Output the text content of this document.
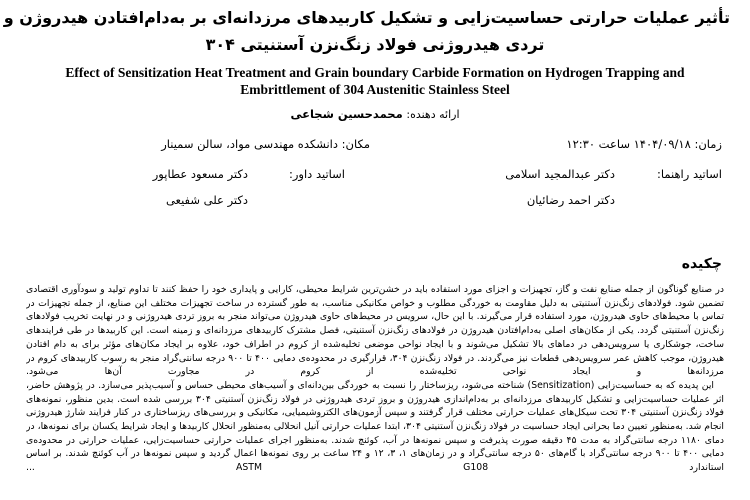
تأثیر عملیات حرارتی حساسیت‌زایی و تشکیل کاربیدهای مرزدانه‌ای بر به‌دام‌افتادن هیدروژن و
تردی هیدروژنی فولاد زنگ‌نزن آستنیتی ۳۰۴
Effect of Sensitization Heat Treatment and Grain boundary Carbide Formation on Hydrogen Trapping and
Embrittlement of 304 Austenitic Stainless Steel
ارائه دهنده: محمدحسین شجاعی
زمان: ۱۴۰۴/۰۹/۱۸ ساعت ۱۲:۳۰
مکان: دانشکده مهندسی مواد، سالن سمینار
اساتید راهنما:
دکتر عبدالمجید اسلامی
دکتر احمد رضائیان
اساتید داور:
دکتر مسعود عطاپور
دکتر علی شفیعی
چکیده

در صنایع گوناگون از جمله صنایع نفت و گاز، تجهیزات و اجزای مورد استفاده باید در خشن‌ترین شرایط محیطی، کارایی و پایداری خود را حفظ کنند تا تداوم تولید و سودآوری اقتصادی تضمین شود. فولادهای زنگ‌نزن آستنیتی به دلیل مقاومت به خوردگی مطلوب و خواص مکانیکی مناسب، به طور گسترده در ساخت تجهیزات مختلف این صنایع، از جمله تجهیزات در تماس با محیط‌های حاوی هیدروژن، مورد استفاده قرار می‌گیرند. با این حال، سرویس در محیط‌های حاوی هیدروژن می‌تواند منجر به بروز تردی هیدروژنی و در نهایت تخریب فولادهای زنگ‌نزن آستنیتی گردد. یکی از مکان‌های اصلی به‌دام‌افتادن هیدروژن در فولادهای زنگ‌نزن آستنیتی، فصل مشترک کاربیدهای مرزدانه‌ای و زمینه است. این کاربیدها در طی فرایندهای ساخت، جوشکاری یا سرویس‌دهی در دماهای بالا تشکیل می‌شوند و با ایجاد نواحی موضعی تخلیه‌شده از کروم در اطراف خود، علاوه بر ایجاد مکان‌های مؤثر برای به دام افتادن هیدروژن، موجب کاهش عمر سرویس‌دهی قطعات نیز می‌گردند. در فولاد زنگ‌نزن ۳۰۴، قرارگیری در محدوده‌ی دمایی ۴۰۰ تا ۹۰۰ درجه سانتی‌گراد منجر به رسوب کاربیدهای کروم در مرزدانه‌ها و ایجاد نواحی تخلیه‌شده از کروم در مجاورت آن‌ها می‌شود.

این پدیده که به حساسیت‌زایی (Sensitization) شناخته می‌شود، ریزساختار را نسبت به خوردگی بین‌دانه‌ای و آسیب‌های محیطی حساس و آسیب‌پذیر می‌سازد. در پژوهش حاضر، اثر عملیات حساسیت‌زایی و تشکیل کاربیدهای مرزدانه‌ای بر به‌دام‌اندازی هیدروژن و بروز تردی هیدروژنی در فولاد زنگ‌نزن آستنیتی ۳۰۴ بررسی شده است. بدین منظور، نمونه‌های فولاد زنگ‌نزن آستنیتی ۳۰۴ تحت سیکل‌های عملیات حرارتی مختلف قرار گرفتند و سپس آزمون‌های الکتروشیمیایی، مکانیکی و بررسی‌های ریزساختاری در کنار فرایند شارژ هیدروژنی انجام شد. به‌منظور تعیین دما بحرانی ایجاد حساسیت در فولاد زنگ‌نزن آستنیتی ۳۰۴، ابتدا عملیات حرارتی آنیل انحلالی به‌منظور انحلال کاربیدها و ایجاد شرایط یکسان برای نمونه‌ها، در دمای ۱۱۸۰ درجه سانتی‌گراد به مدت ۴۵ دقیقه صورت پذیرفت و سپس نمونه‌ها در آب، کوئنچ شدند. به‌منظور اجرای عملیات حرارتی حساسیت‌زایی، عملیات حرارتی در محدوده‌ی دمایی ۴۰۰ تا ۹۰۰ درجه سانتی‌گراد با گام‌های ۵۰ درجه سانتی‌گراد و در زمان‌های ۱، ۳، ۱۲ و ۲۴ ساعت بر روی نمونه‌ها اعمال گردید و سپس نمونه‌ها در آب کوئنچ شدند. بر اساس استاندارد ASTM G108 ...
